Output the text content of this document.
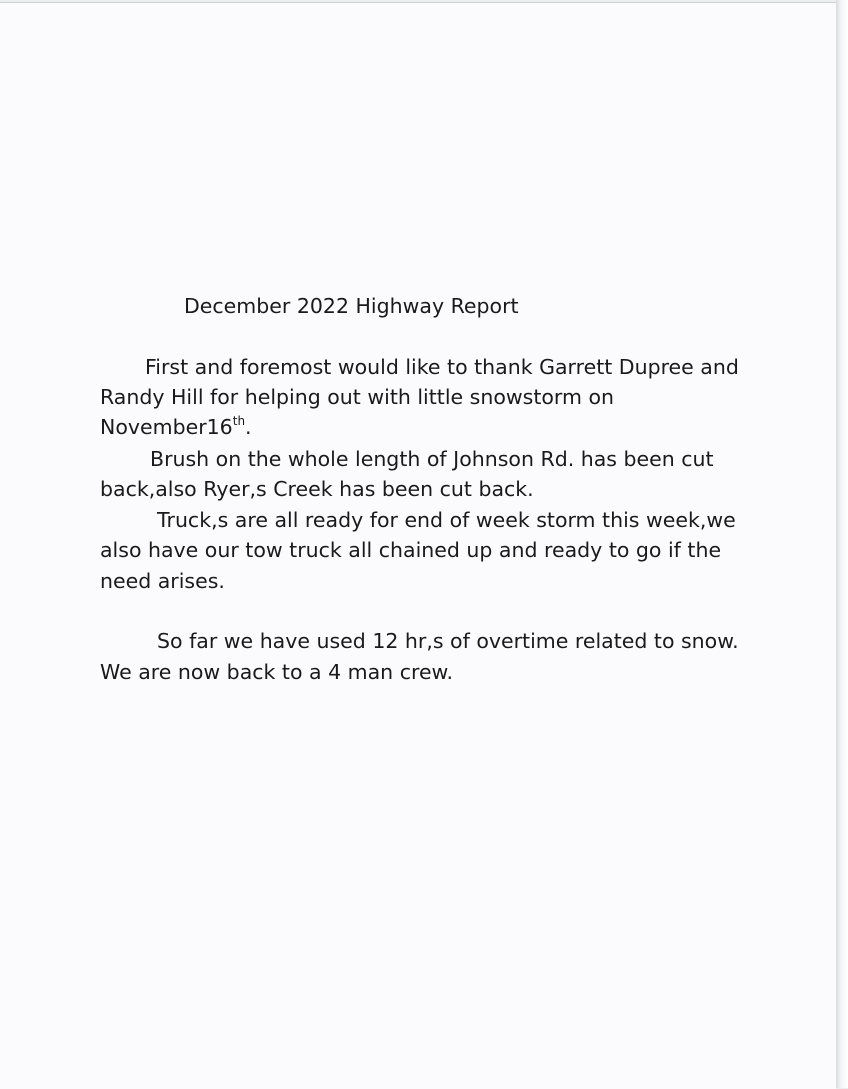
December 2022 Highway Report

First and foremost would like to thank Garrett Dupree and

Randy Hill for helping out with little snowstorm on

November16th.

Brush on the whole length of Johnson Rd. has been cut

back,also Ryer,s Creek has been cut back.

Truck,s are all ready for end of week storm this week,we

also have our tow truck all chained up and ready to go if the

need arises.

So far we have used 12 hr,s of overtime related to snow.

We are now back to a 4 man crew.
